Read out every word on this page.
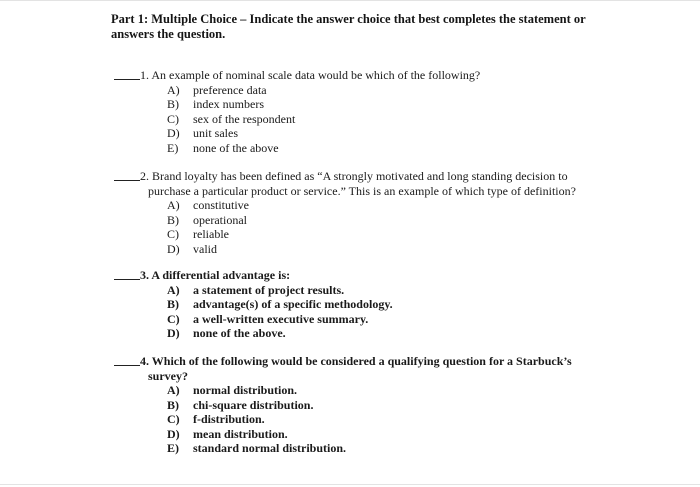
Part 1: Multiple Choice – Indicate the answer choice that best completes the statement or answers the question.
1. An example of nominal scale data would be which of the following?
A)	preference data
B)	index numbers
C)	sex of the respondent
D)	unit sales
E)	none of the above
2. Brand loyalty has been defined as “A strongly motivated and long standing decision to
purchase a particular product or service.” This is an example of which type of definition?
A)	constitutive
B)	operational
C)	reliable
D)	valid
3. A differential advantage is:
A)	a statement of project results.
B)	advantage(s) of a specific methodology.
C)	a well-written executive summary.
D)	none of the above.
4. Which of the following would be considered a qualifying question for a Starbuck’s
survey?
A)	normal distribution.
B)	chi-square distribution.
C)	f-distribution.
D)	mean distribution.
E)	standard normal distribution.
